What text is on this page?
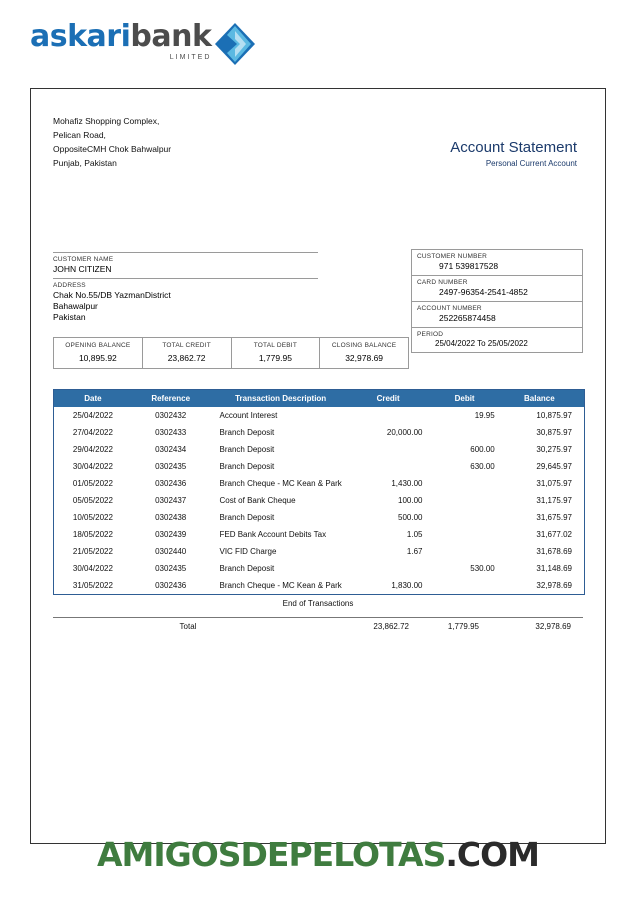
askaribank
LIMITED
Mohafiz Shopping Complex,
Pelican Road,
OppositeCMH Chok Bahwalpur
Punjab, Pakistan
Account Statement
Personal Current Account
CUSTOMER NAME
JOHN CITIZEN
ADDRESS
Chak No.55/DB YazmanDistrict
Bahawalpur
Pakistan
CUSTOMER NUMBER
971 539817528
CARD NUMBER
2497-96354-2541-4852
ACCOUNT NUMBER
252265874458
PERIOD
25/04/2022 To 25/05/2022
OPENING BALANCE
10,895.92
TOTAL CREDIT
23,862.72
TOTAL DEBIT
1,779.95
CLOSING BALANCE
32,978.69
Date	Reference	Transaction Description	Credit	Debit	Balance
25/04/2022	0302432	Account Interest		19.95	10,875.97
27/04/2022	0302433	Branch Deposit	20,000.00		30,875.97
29/04/2022	0302434	Branch Deposit		600.00	30,275.97
30/04/2022	0302435	Branch Deposit		630.00	29,645.97
01/05/2022	0302436	Branch Cheque - MC Kean & Park	1,430.00		31,075.97
05/05/2022	0302437	Cost of Bank Cheque	100.00		31,175.97
10/05/2022	0302438	Branch Deposit	500.00		31,675.97
18/05/2022	0302439	FED Bank Account Debits Tax	1.05		31,677.02
21/05/2022	0302440	VIC FID Charge	1.67		31,678.69
30/04/2022	0302435	Branch Deposit		530.00	31,148.69
31/05/2022	0302436	Branch Cheque - MC Kean & Park	1,830.00		32,978.69
End of Transactions
Total	23,862.72	1,779.95	32,978.69
AMIGOSDEPELOTAS.COM
